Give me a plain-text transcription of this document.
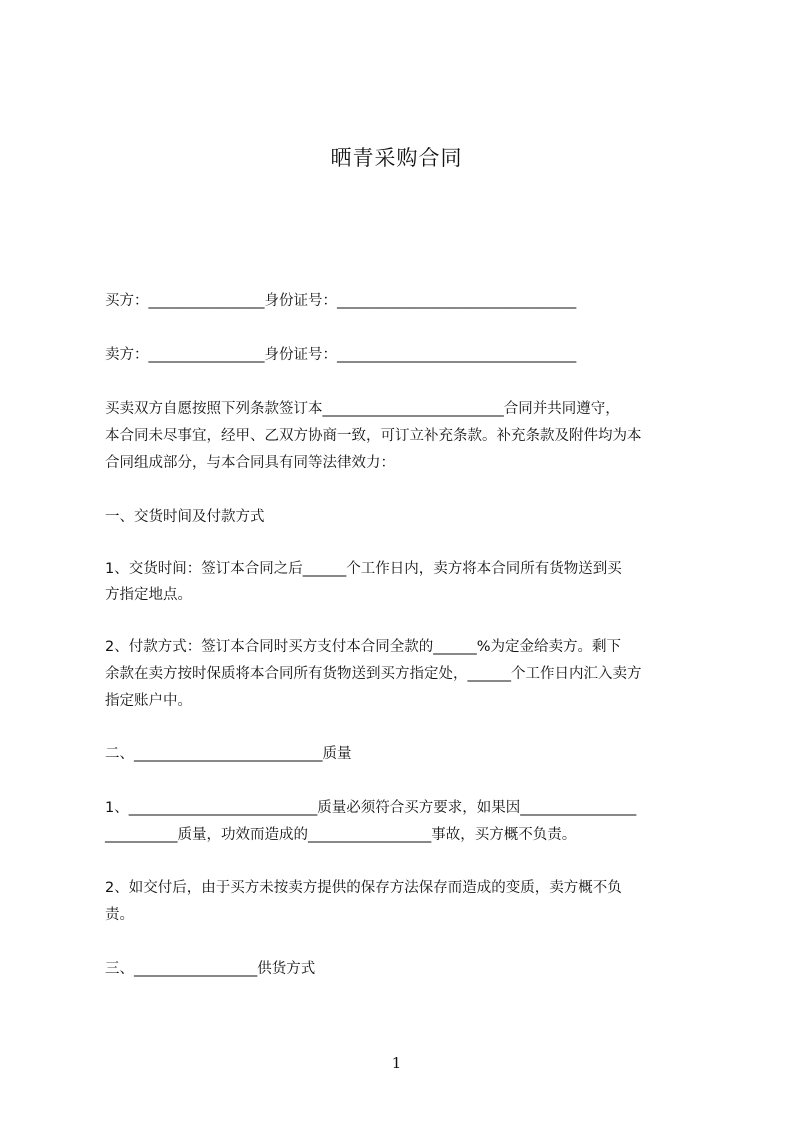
晒青采购合同
买方：________________身份证号：_________________________________
卖方：________________身份证号：_________________________________
买卖双方自愿按照下列条款签订本_________________________合同并共同遵守，
本合同未尽事宜，经甲、乙双方协商一致，可订立补充条款。补充条款及附件均为本
合同组成部分，与本合同具有同等法律效力：
一、交货时间及付款方式
1、交货时间：签订本合同之后______个工作日内，卖方将本合同所有货物送到买
方指定地点。
2、付款方式：签订本合同时买方支付本合同全款的______%为定金给卖方。剩下
余款在卖方按时保质将本合同所有货物送到买方指定处，______个工作日内汇入卖方
指定账户中。
二、__________________________质量
1、__________________________质量必须符合买方要求，如果因________________
__________质量，功效而造成的_________________事故，买方概不负责。
2、如交付后，由于买方未按卖方提供的保存方法保存而造成的变质，卖方概不负
责。
三、_________________供货方式
1
